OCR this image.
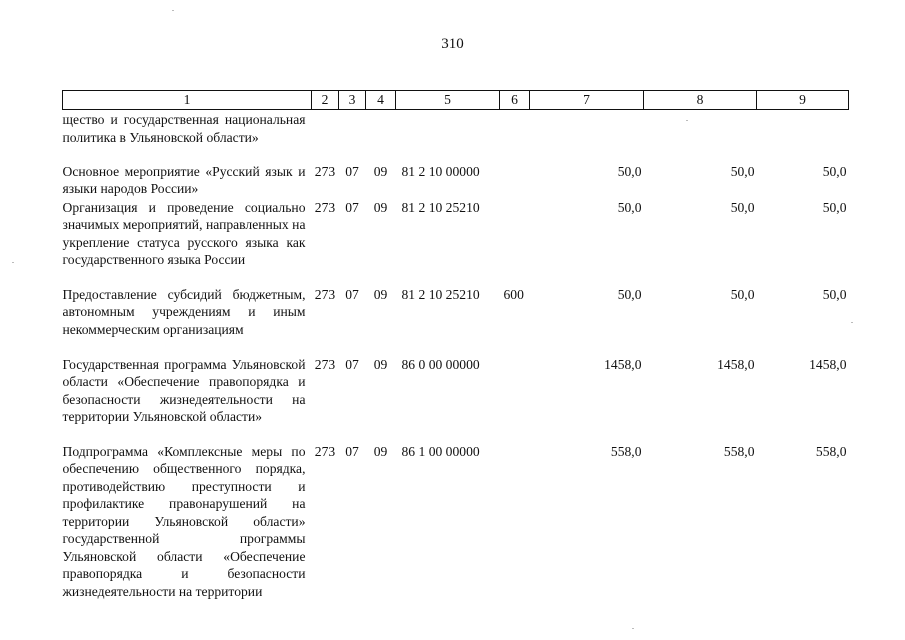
310
1	2	3	4	5	6	7	8	9
щество и государственная национальная политика в Ульяновской области»								
Основное мероприятие «Русский язык и языки народов России»	273	07	09	81 2 10 00000		50,0	50,0	50,0
Организация и проведение социально значимых мероприятий, направленных на укрепление статуса русского языка как государственного языка России	273	07	09	81 2 10 25210		50,0	50,0	50,0
Предоставление субсидий бюджетным, автономным учреждениям и иным некоммерческим организациям	273	07	09	81 2 10 25210	600	50,0	50,0	50,0
Государственная программа Ульяновской области «Обеспечение правопорядка и безопасности жизнедеятельности на территории Ульяновской области»	273	07	09	86 0 00 00000		1458,0	1458,0	1458,0
Подпрограмма «Комплексные меры по обеспечению общественного порядка, противодействию преступности и профилактике правонарушений на территории Ульяновской области» государственной программы Ульяновской области «Обеспечение правопорядка и безопасности жизнедеятельности на территории	273	07	09	86 1 00 00000		558,0	558,0	558,0
